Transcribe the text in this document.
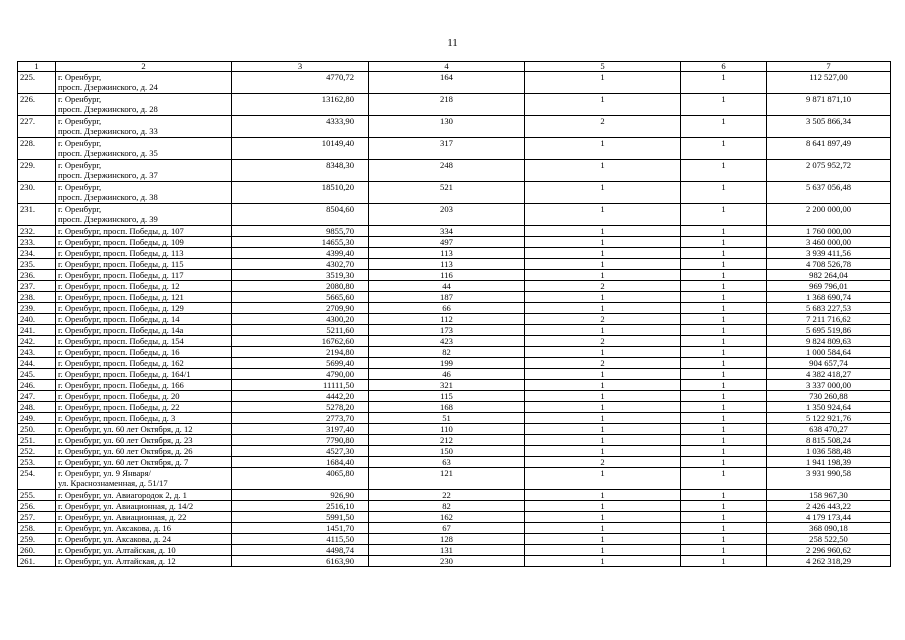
11
1	2	3	4	5	6	7
225.	г. Оренбург,
просп. Дзержинского, д. 24	4770,72	164	1	1	112 527,00
226.	г. Оренбург,
просп. Дзержинского, д. 28	13162,80	218	1	1	9 871 871,10
227.	г. Оренбург,
просп. Дзержинского, д. 33	4333,90	130	2	1	3 505 866,34
228.	г. Оренбург,
просп. Дзержинского, д. 35	10149,40	317	1	1	8 641 897,49
229.	г. Оренбург,
просп. Дзержинского, д. 37	8348,30	248	1	1	2 075 952,72
230.	г. Оренбург,
просп. Дзержинского, д. 38	18510,20	521	1	1	5 637 056,48
231.	г. Оренбург,
просп. Дзержинского, д. 39	8504,60	203	1	1	2 200 000,00
232.	г. Оренбург, просп. Победы, д. 107	9855,70	334	1	1	1 760 000,00
233.	г. Оренбург, просп. Победы, д. 109	14655,30	497	1	1	3 460 000,00
234.	г. Оренбург, просп. Победы, д. 113	4399,40	113	1	1	3 939 411,56
235.	г. Оренбург, просп. Победы, д. 115	4302,70	113	1	1	4 708 526,78
236.	г. Оренбург, просп. Победы, д. 117	3519,30	116	1	1	982 264,04
237.	г. Оренбург, просп. Победы, д. 12	2080,80	44	2	1	969 796,01
238.	г. Оренбург, просп. Победы, д. 121	5665,60	187	1	1	1 368 690,74
239.	г. Оренбург, просп. Победы, д. 129	2709,90	66	1	1	5 683 227,53
240.	г. Оренбург, просп. Победы, д. 14	4300,20	112	2	1	7 211 716,62
241.	г. Оренбург, просп. Победы, д. 14а	5211,60	173	1	1	5 695 519,86
242.	г. Оренбург, просп. Победы, д. 154	16762,60	423	2	1	9 824 809,63
243.	г. Оренбург, просп. Победы, д. 16	2194,80	82	1	1	1 000 584,64
244.	г. Оренбург, просп. Победы, д. 162	5699,40	199	2	1	904 657,74
245.	г. Оренбург, просп. Победы, д. 164/1	4790,00	46	1	1	4 382 418,27
246.	г. Оренбург, просп. Победы, д. 166	11111,50	321	1	1	3 337 000,00
247.	г. Оренбург, просп. Победы, д. 20	4442,20	115	1	1	730 260,88
248.	г. Оренбург, просп. Победы, д. 22	5278,20	168	1	1	1 350 924,64
249.	г. Оренбург, просп. Победы, д. 3	2773,70	51	1	1	5 122 921,76
250.	г. Оренбург, ул. 60 лет Октября, д. 12	3197,40	110	1	1	638 470,27
251.	г. Оренбург, ул. 60 лет Октября, д. 23	7790,80	212	1	1	8 815 508,24
252.	г. Оренбург, ул. 60 лет Октября, д. 26	4527,30	150	1	1	1 036 588,48
253.	г. Оренбург, ул. 60 лет Октября, д. 7	1684,40	63	2	1	1 941 198,39
254.	г. Оренбург, ул. 9 Января/
ул. Краснознаменная, д. 51/17	4065,80	121	1	1	3 931 990,58
255.	г. Оренбург, ул. Авиагородок 2, д. 1	926,90	22	1	1	158 967,30
256.	г. Оренбург, ул. Авиационная, д. 14/2	2516,10	82	1	1	2 426 443,22
257.	г. Оренбург, ул. Авиационная, д. 22	5991,50	162	1	1	4 179 173,44
258.	г. Оренбург, ул. Аксакова, д. 16	1451,70	67	1	1	368 090,18
259.	г. Оренбург, ул. Аксакова, д. 24	4115,50	128	1	1	258 522,50
260.	г. Оренбург, ул. Алтайская, д. 10	4498,74	131	1	1	2 296 960,62
261.	г. Оренбург, ул. Алтайская, д. 12	6163,90	230	1	1	4 262 318,29
